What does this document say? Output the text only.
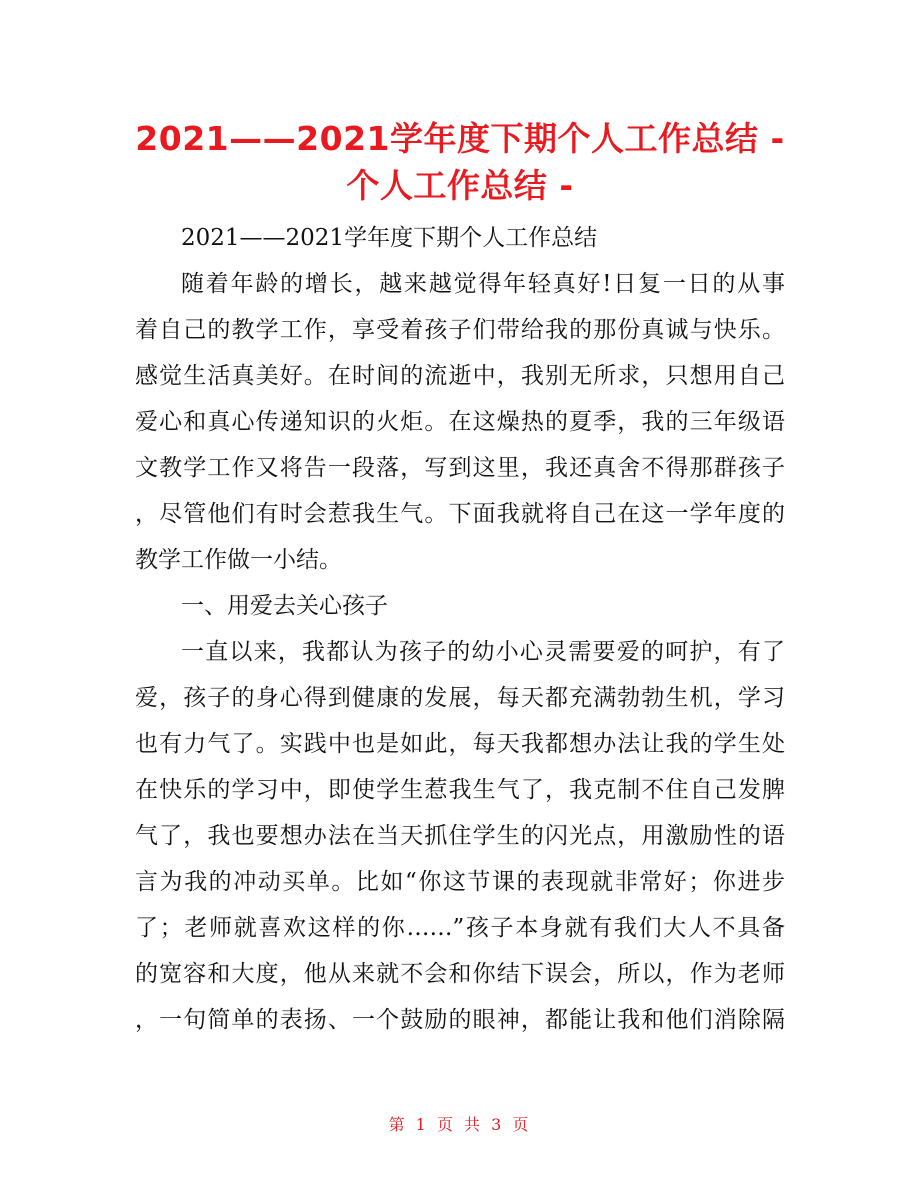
2021——2021学年度下期个人工作总结 -
个人工作总结 -
2021——2021学年度下期个人工作总结
随着年龄的增长，越来越觉得年轻真好!日复一日的从事
着自己的教学工作，享受着孩子们带给我的那份真诚与快乐。
感觉生活真美好。在时间的流逝中，我别无所求，只想用自己
爱心和真心传递知识的火炬。在这燥热的夏季，我的三年级语
文教学工作又将告一段落，写到这里，我还真舍不得那群孩子
，尽管他们有时会惹我生气。下面我就将自己在这一学年度的
教学工作做一小结。
一、用爱去关心孩子
一直以来，我都认为孩子的幼小心灵需要爱的呵护，有了
爱，孩子的身心得到健康的发展，每天都充满勃勃生机，学习
也有力气了。实践中也是如此，每天我都想办法让我的学生处
在快乐的学习中，即使学生惹我生气了，我克制不住自己发脾
气了，我也要想办法在当天抓住学生的闪光点，用激励性的语
言为我的冲动买单。比如“你这节课的表现就非常好；你进步
了；老师就喜欢这样的你……”孩子本身就有我们大人不具备
的宽容和大度，他从来就不会和你结下误会，所以，作为老师
，一句简单的表扬、一个鼓励的眼神，都能让我和他们消除隔
第 1 页 共 3 页
